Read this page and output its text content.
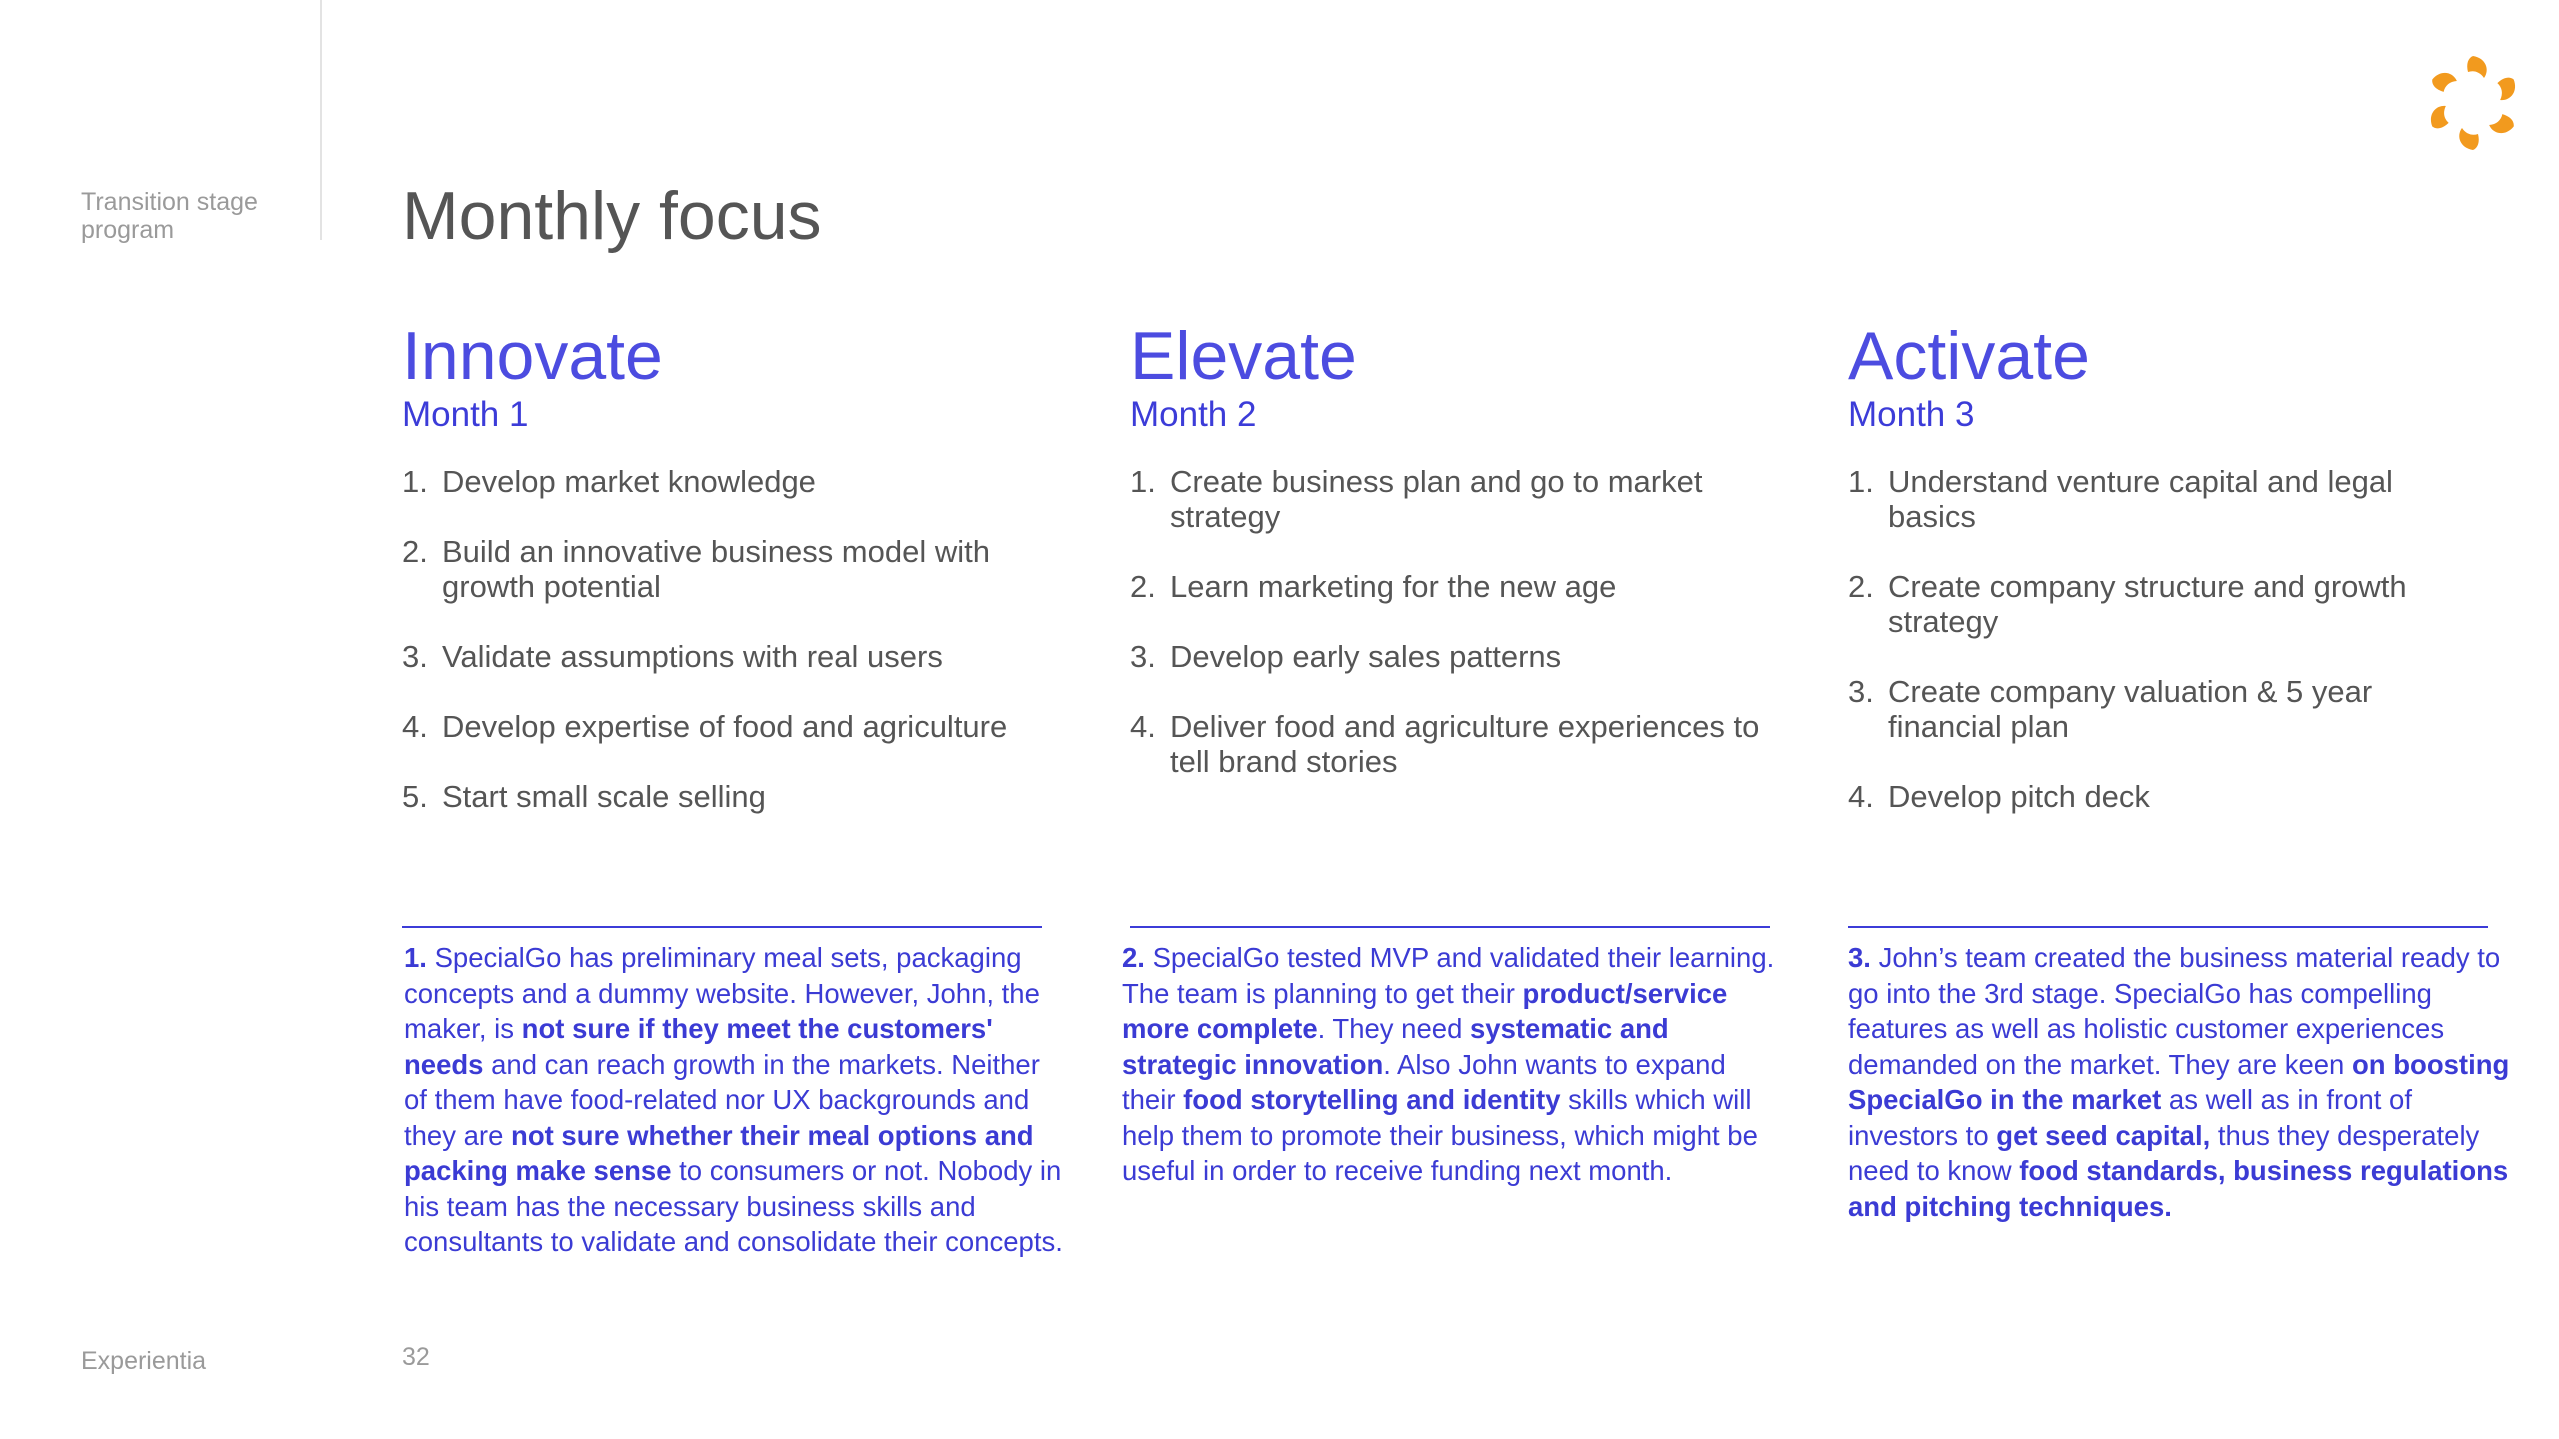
Transition stage program	Monthly focus
Innovate
Month 1
1. Develop market knowledge
2. Build an innovative business model with growth potential
3. Validate assumptions with real users
4. Develop expertise of food and agriculture
5. Start small scale selling
Elevate
Month 2
1. Create business plan and go to market strategy
2. Learn marketing for the new age
3. Develop early sales patterns
4. Deliver food and agriculture experiences to tell brand stories
Activate
Month 3
1. Understand venture capital and legal basics
2. Create company structure and growth strategy
3. Create company valuation & 5 year financial plan
4. Develop pitch deck
1. SpecialGo has preliminary meal sets, packaging concepts and a dummy website. However, John, the maker, is not sure if they meet the customers' needs and can reach growth in the markets. Neither of them have food-related nor UX backgrounds and they are not sure whether their meal options and packing make sense to consumers or not. Nobody in his team has the necessary business skills and consultants to validate and consolidate their concepts.
2. SpecialGo tested MVP and validated their learning. The team is planning to get their product/service more complete. They need systematic and strategic innovation. Also John wants to expand their food storytelling and identity skills which will help them to promote their business, which might be useful in order to receive funding next month.
3. John’s team created the business material ready to go into the 3rd stage. SpecialGo has compelling features as well as holistic customer experiences demanded on the market. They are keen on boosting SpecialGo in the market as well as in front of investors to get seed capital, thus they desperately need to know food standards, business regulations and pitching techniques.
Experientia	32
